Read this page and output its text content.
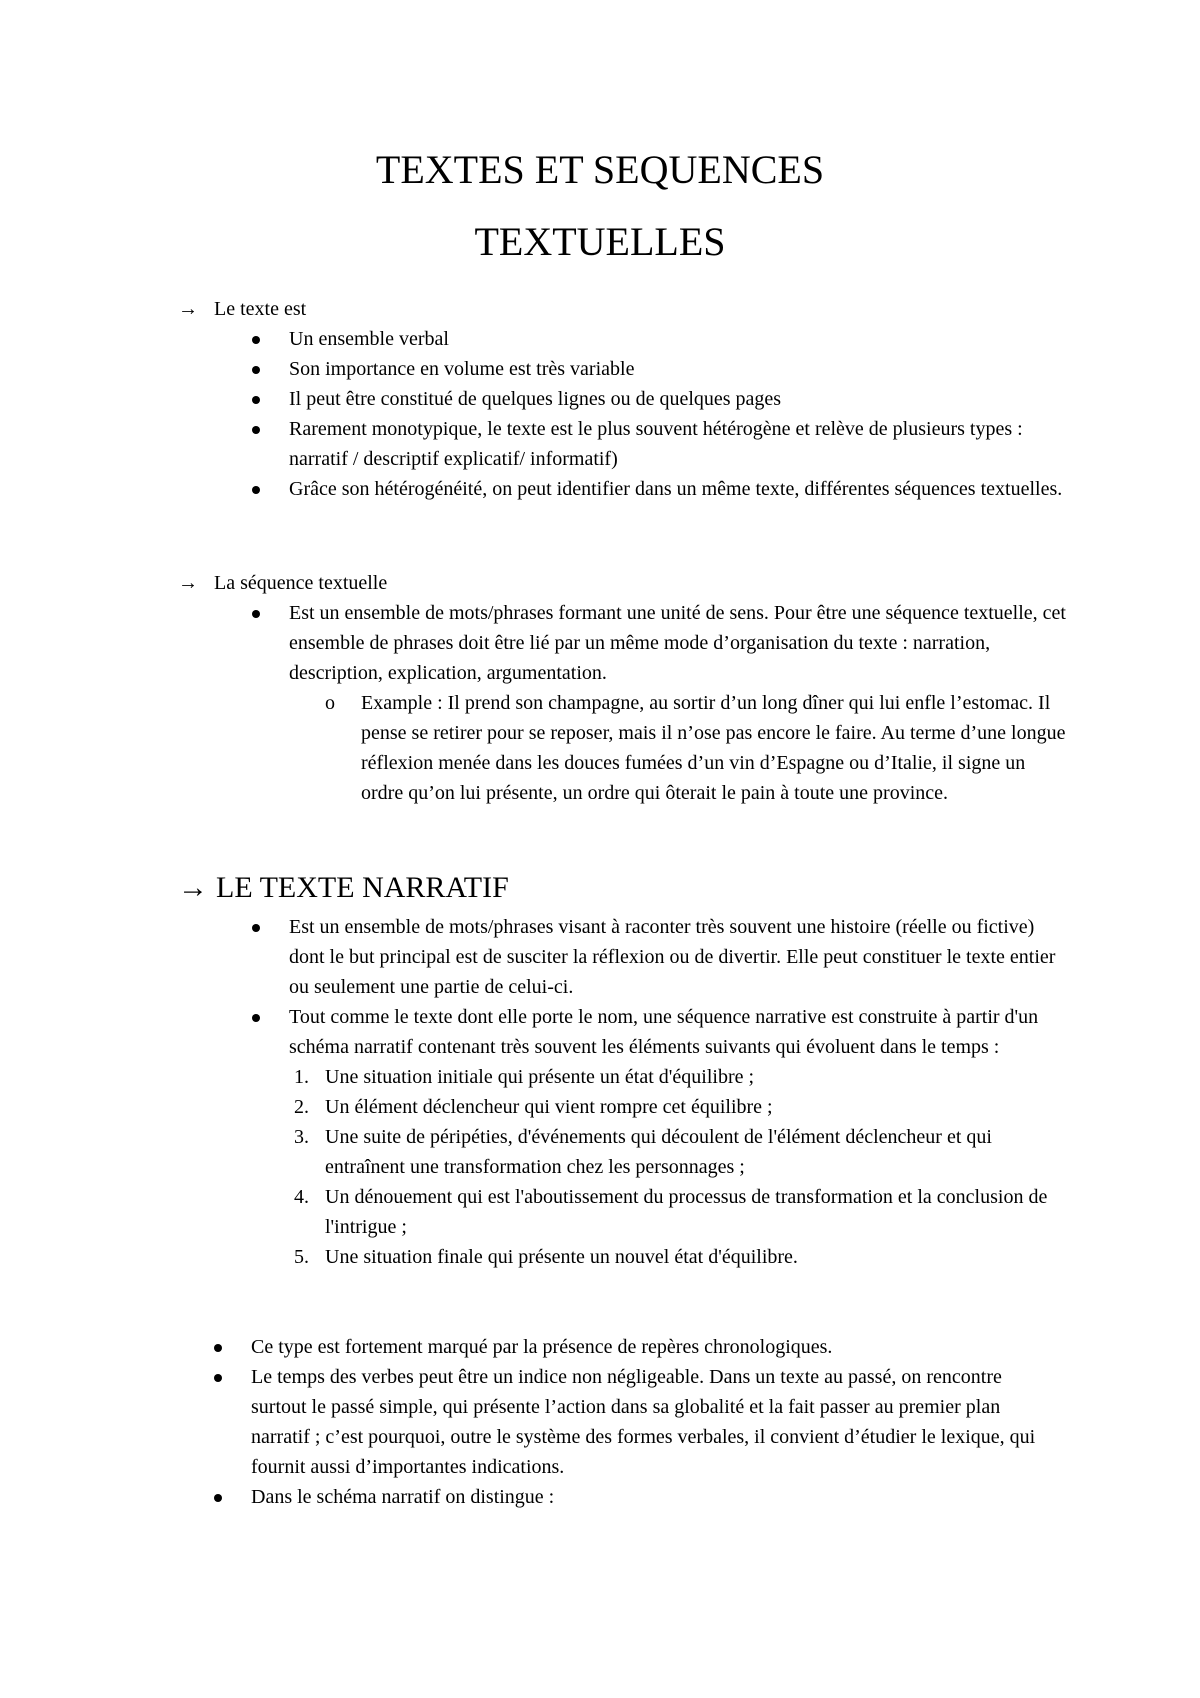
TEXTES ET SEQUENCES
TEXTUELLES
→ Le texte est
Un ensemble verbal
Son importance en volume est très variable
Il peut être constitué de quelques lignes ou de quelques pages
Rarement monotypique, le texte est le plus souvent hétérogène et relève de plusieurs types : narratif / descriptif explicatif/ informatif)
Grâce son hétérogénéité, on peut identifier dans un même texte, différentes séquences textuelles.
→ La séquence textuelle
Est un ensemble de mots/phrases formant une unité de sens. Pour être une séquence textuelle, cet ensemble de phrases doit être lié par un même mode d’organisation du texte : narration, description, explication, argumentation.
o Example : Il prend son champagne, au sortir d’un long dîner qui lui enfle l’estomac. Il pense se retirer pour se reposer, mais il n’ose pas encore le faire. Au terme d’une longue réflexion menée dans les douces fumées d’un vin d’Espagne ou d’Italie, il signe un ordre qu’on lui présente, un ordre qui ôterait le pain à toute une province.
→ LE TEXTE NARRATIF
Est un ensemble de mots/phrases visant à raconter très souvent une histoire (réelle ou fictive) dont le but principal est de susciter la réflexion ou de divertir. Elle peut constituer le texte entier ou seulement une partie de celui-ci.
Tout comme le texte dont elle porte le nom, une séquence narrative est construite à partir d'un schéma narratif contenant très souvent les éléments suivants qui évoluent dans le temps :
1. Une situation initiale qui présente un état d'équilibre ;
2. Un élément déclencheur qui vient rompre cet équilibre ;
3. Une suite de péripéties, d'événements qui découlent de l'élément déclencheur et qui entraînent une transformation chez les personnages ;
4. Un dénouement qui est l'aboutissement du processus de transformation et la conclusion de l'intrigue ;
5. Une situation finale qui présente un nouvel état d'équilibre.
Ce type est fortement marqué par la présence de repères chronologiques.
Le temps des verbes peut être un indice non négligeable. Dans un texte au passé, on rencontre surtout le passé simple, qui présente l’action dans sa globalité et la fait passer au premier plan narratif ; c’est pourquoi, outre le système des formes verbales, il convient d’étudier le lexique, qui fournit aussi d’importantes indications.
Dans le schéma narratif on distingue :
